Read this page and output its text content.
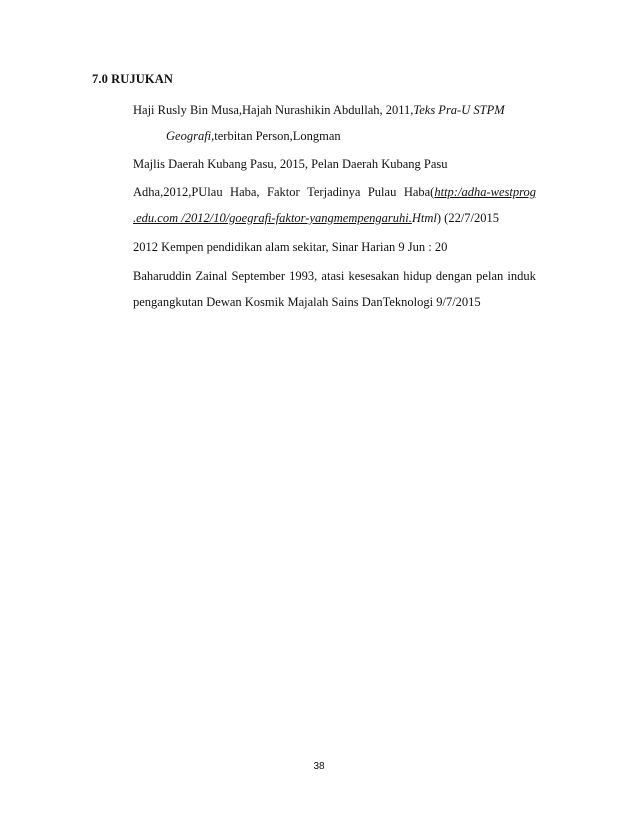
7.0 RUJUKAN
Haji Rusly Bin Musa,Hajah Nurashikin Abdullah, 2011,Teks Pra-U STPM
Geografi,terbitan Person,Longman
Majlis Daerah Kubang Pasu, 2015, Pelan Daerah Kubang Pasu
Adha,2012,PUlau Haba, Faktor Terjadinya Pulau Haba(http:/adha-westprog
.edu.com /2012/10/goegrafi-faktor-yangmempengaruhi.Html) (22/7/2015
2012 Kempen pendidikan alam sekitar, Sinar Harian 9 Jun : 20
Baharuddin Zainal September 1993, atasi kesesakan hidup dengan pelan induk
pengangkutan Dewan Kosmik Majalah Sains DanTeknologi 9/7/2015
38
